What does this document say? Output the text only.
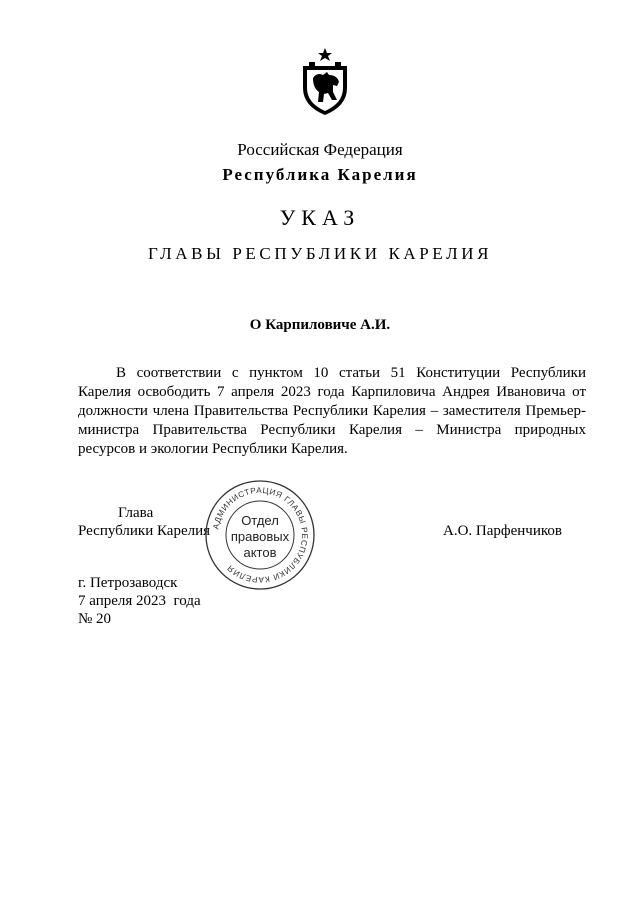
Российская Федерация
Республика Карелия
УКАЗ
ГЛАВЫ РЕСПУБЛИКИ КАРЕЛИЯ
О Карпиловиче А.И.
В соответствии с пунктом 10 статьи 51 Конституции Республики Карелия освободить 7 апреля 2023 года Карпиловича Андрея Ивановича от должности члена Правительства Республики Карелия – заместителя Премьер-министра Правительства Республики Карелия – Министра природных ресурсов и экологии Республики Карелия.
Глава
Республики Карелия	А.О. Парфенчиков
АДМИНИСТРАЦИЯ ГЛАВЫ РЕСПУБЛИКИ КАРЕЛИЯ
Отдел
правовых
актов
г. Петрозаводск
7 апреля 2023  года
№ 20
